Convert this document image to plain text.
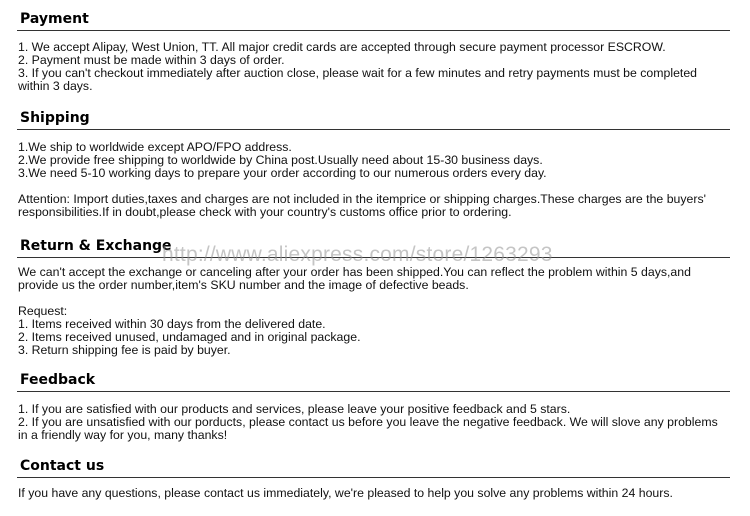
Payment
1. We accept Alipay, West Union, TT. All major credit cards are accepted through secure payment processor ESCROW.
2. Payment must be made within 3 days of order.
3. If you can't checkout immediately after auction close, please wait for a few minutes and retry payments must be completed within 3 days.
Shipping
1.We ship to worldwide except APO/FPO address.
2.We provide free shipping to worldwide by China post.Usually need about 15-30 business days.
3.We need 5-10 working days to prepare your order according to our numerous orders every day.
Attention: Import duties,taxes and charges are not included in the itemprice or shipping charges.These charges are the buyers' responsibilities.If in doubt,please check with your country's customs office prior to ordering.
Return & Exchange
We can't accept the exchange or canceling after your order has been shipped.You can reflect the problem within 5 days,and provide us the order number,item's SKU number and the image of defective beads.
Request:
1. Items received within 30 days from the delivered date.
2. Items received unused, undamaged and in original package.
3. Return shipping fee is paid by buyer.
Feedback
1. If you are satisfied with our products and services, please leave your positive feedback and 5 stars.
2. If you are unsatisfied with our porducts, please contact us before you leave the negative feedback. We will slove any problems in a friendly way for you, many thanks!
Contact us
If you have any questions, please contact us immediately, we're pleased to help you solve any problems within 24 hours.
http://www.aliexpress.com/store/1263293
